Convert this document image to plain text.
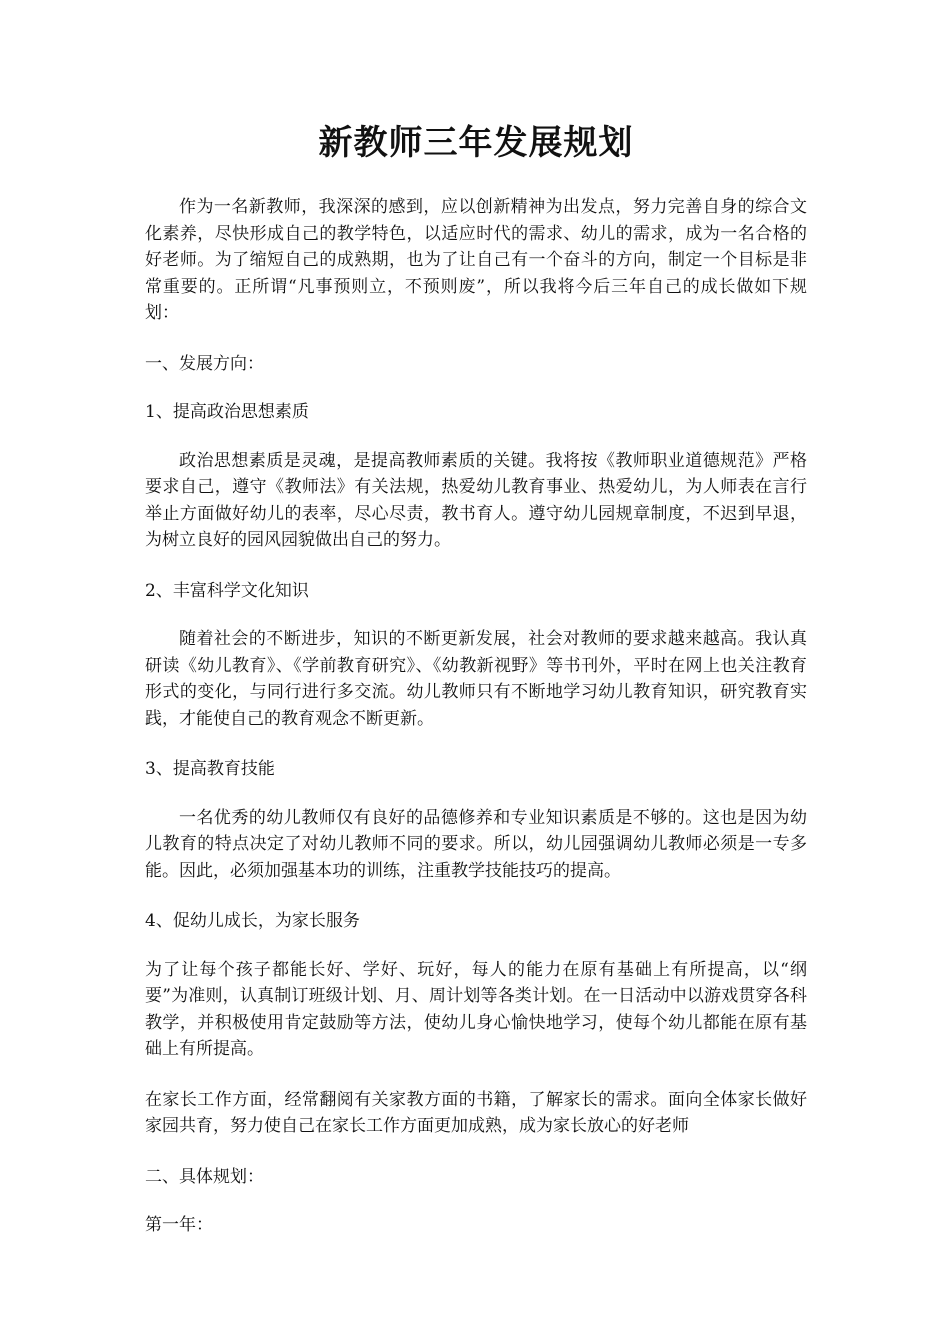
新教师三年发展规划

作为一名新教师，我深深的感到，应以创新精神为出发点，努力完善自身的综合文化素养，尽快形成自己的教学特色，以适应时代的需求、幼儿的需求，成为一名合格的好老师。为了缩短自己的成熟期，也为了让自己有一个奋斗的方向，制定一个目标是非常重要的。正所谓“凡事预则立，不预则废”，所以我将今后三年自己的成长做如下规划：

一、发展方向：

1、提高政治思想素质

政治思想素质是灵魂，是提高教师素质的关键。我将按《教师职业道德规范》严格要求自己，遵守《教师法》有关法规，热爱幼儿教育事业、热爱幼儿，为人师表在言行举止方面做好幼儿的表率，尽心尽责，教书育人。遵守幼儿园规章制度，不迟到早退，为树立良好的园风园貌做出自己的努力。

2、丰富科学文化知识

随着社会的不断进步，知识的不断更新发展，社会对教师的要求越来越高。我认真研读《幼儿教育》、《学前教育研究》、《幼教新视野》等书刊外，平时在网上也关注教育形式的变化，与同行进行多交流。幼儿教师只有不断地学习幼儿教育知识，研究教育实践，才能使自己的教育观念不断更新。

3、提高教育技能

一名优秀的幼儿教师仅有良好的品德修养和专业知识素质是不够的。这也是因为幼儿教育的特点决定了对幼儿教师不同的要求。所以，幼儿园强调幼儿教师必须是一专多能。因此，必须加强基本功的训练，注重教学技能技巧的提高。

4、促幼儿成长，为家长服务

为了让每个孩子都能长好、学好、玩好，每人的能力在原有基础上有所提高，以“纲要”为准则，认真制订班级计划、月、周计划等各类计划。在一日活动中以游戏贯穿各科教学，并积极使用肯定鼓励等方法，使幼儿身心愉快地学习，使每个幼儿都能在原有基础上有所提高。

在家长工作方面，经常翻阅有关家教方面的书籍，了解家长的需求。面向全体家长做好家园共育，努力使自己在家长工作方面更加成熟，成为家长放心的好老师

二、具体规划：

第一年：
